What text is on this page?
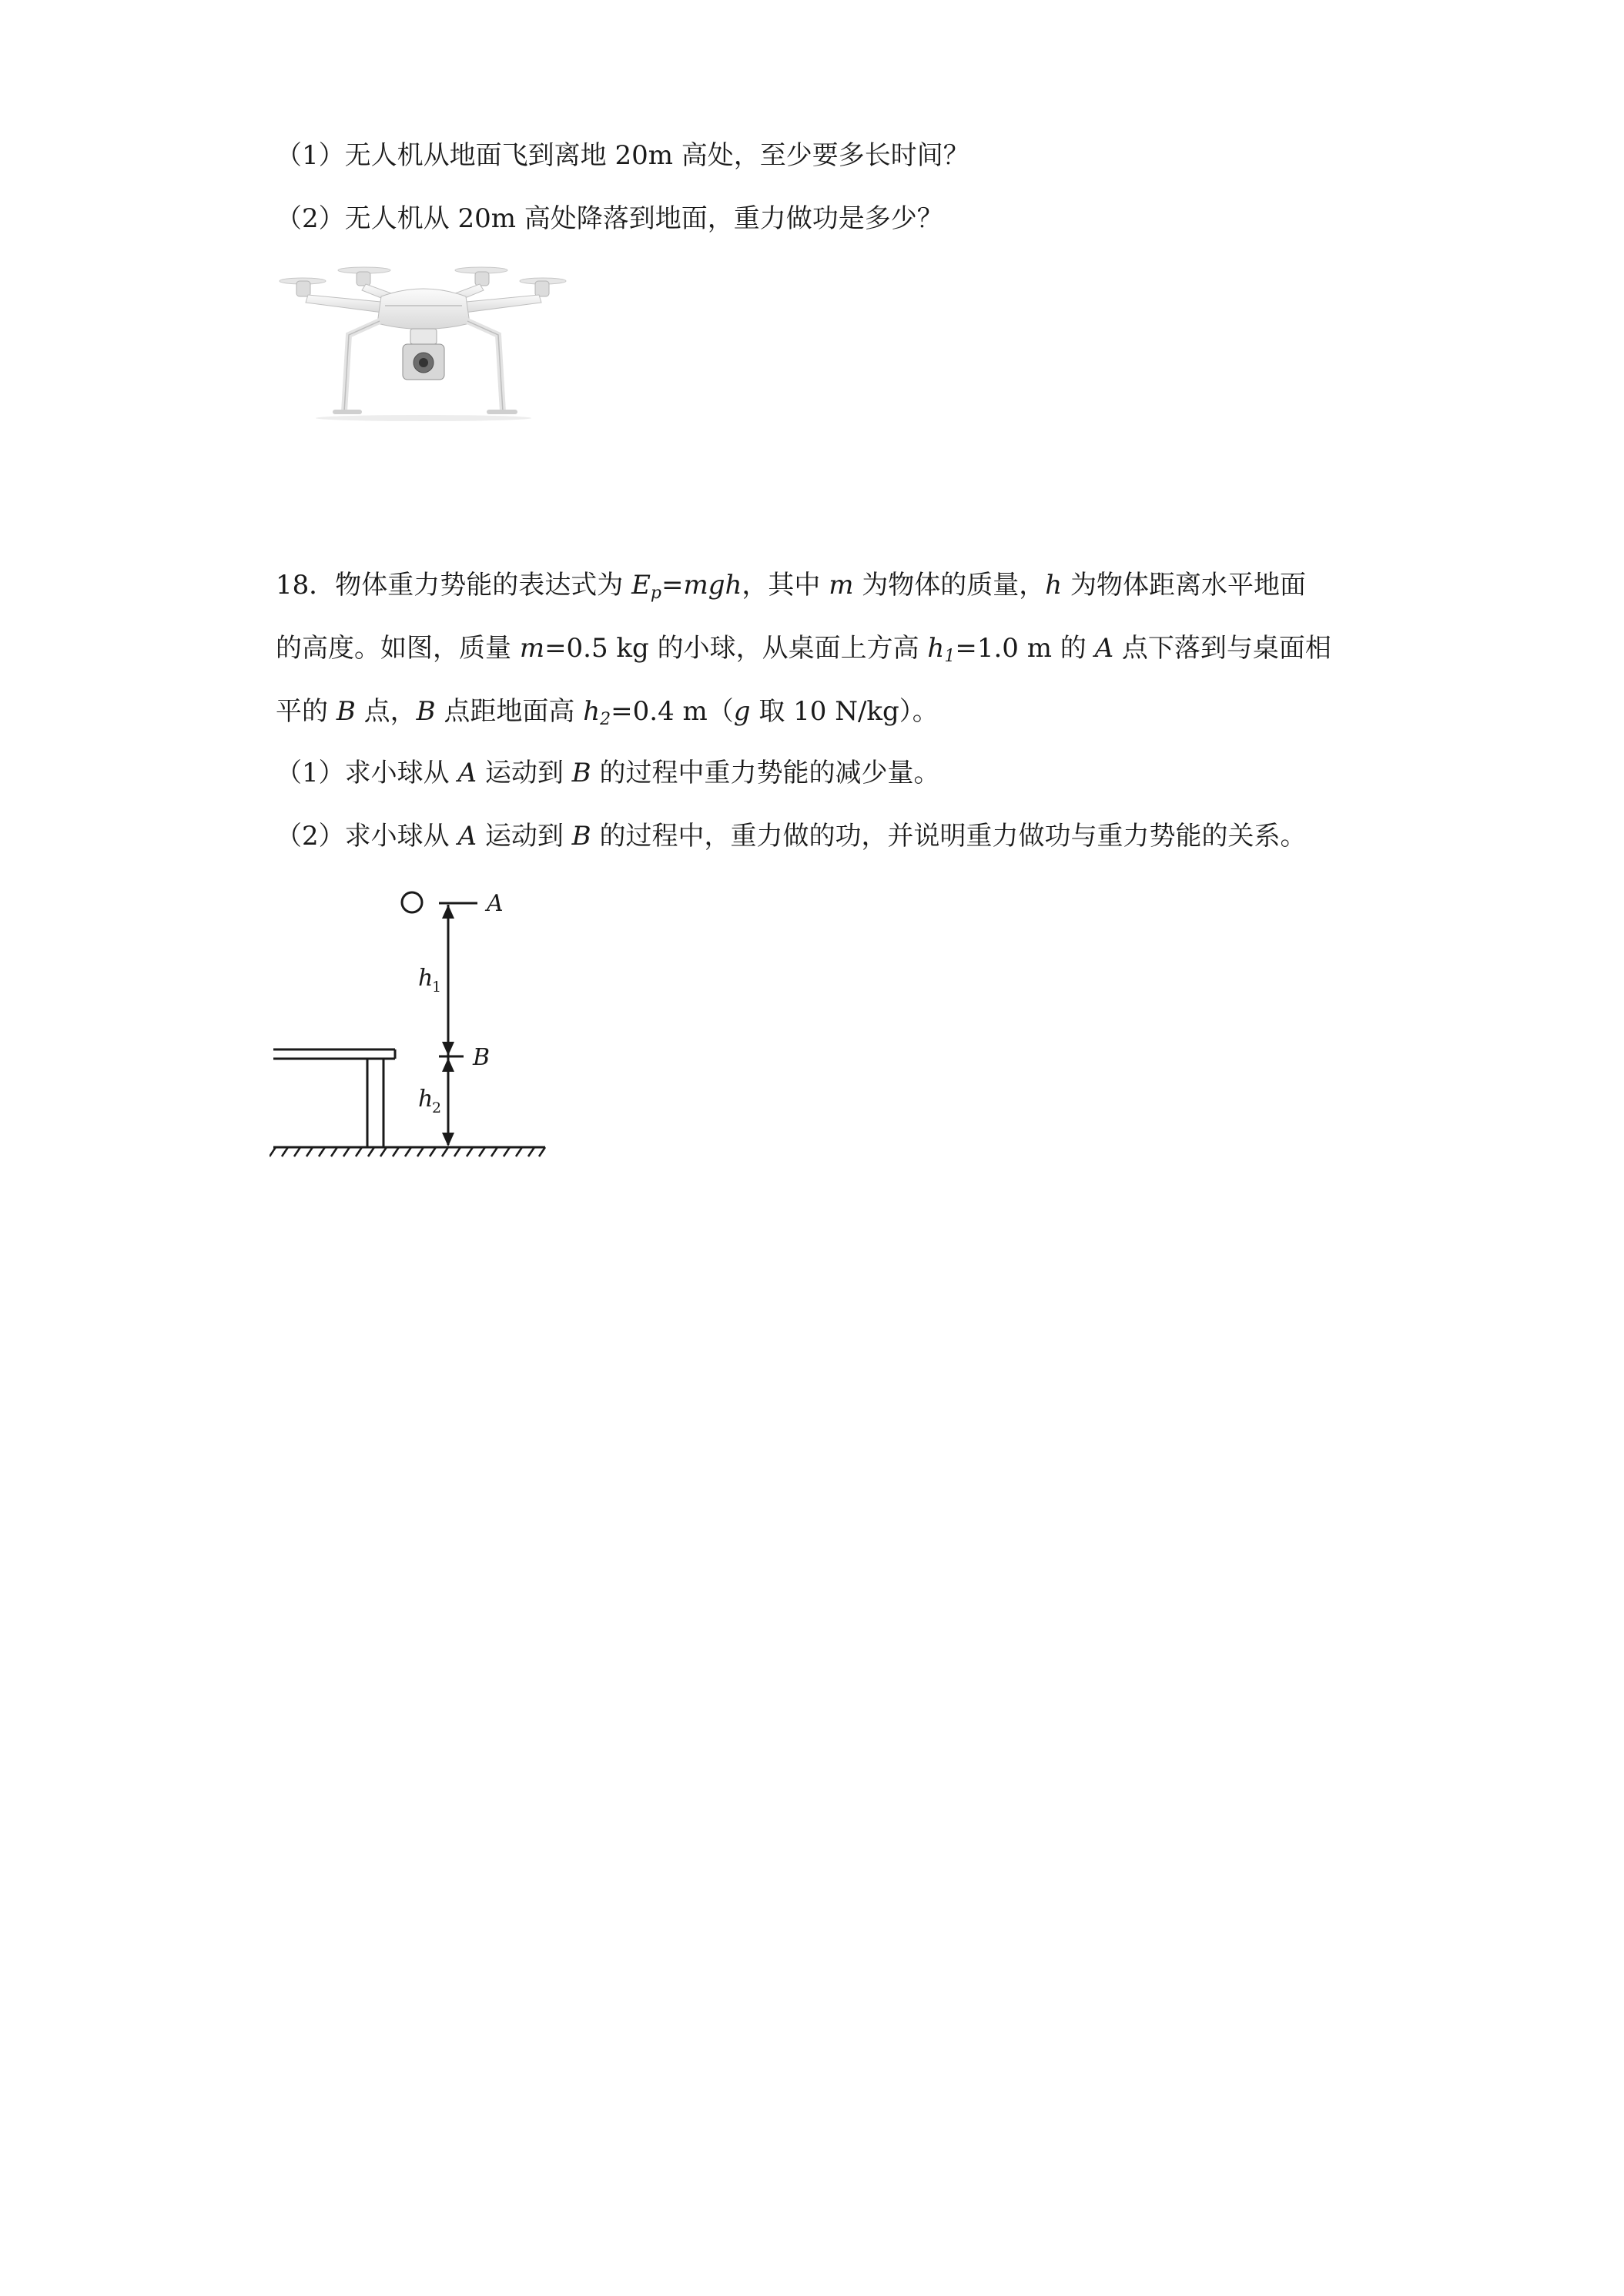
（1）无人机从地面飞到离地 20m 高处，至少要多长时间？
（2）无人机从 20m 高处降落到地面，重力做功是多少？
18．物体重力势能的表达式为 $E_p=mgh$，其中 m 为物体的质量，h 为物体距离水平地面
的高度。如图，质量 m=0.5 kg 的小球，从桌面上方高 $h_1=1.0$ m 的 A 点下落到与桌面相
平的 B 点，B 点距地面高 $h_2=0.4$ m（g 取 10 N/kg）。
（1）求小球从 A 运动到 B 的过程中重力势能的减少量。
（2）求小球从 A 运动到 B 的过程中，重力做的功，并说明重力做功与重力势能的关系。
A
B
h
1
h
2
